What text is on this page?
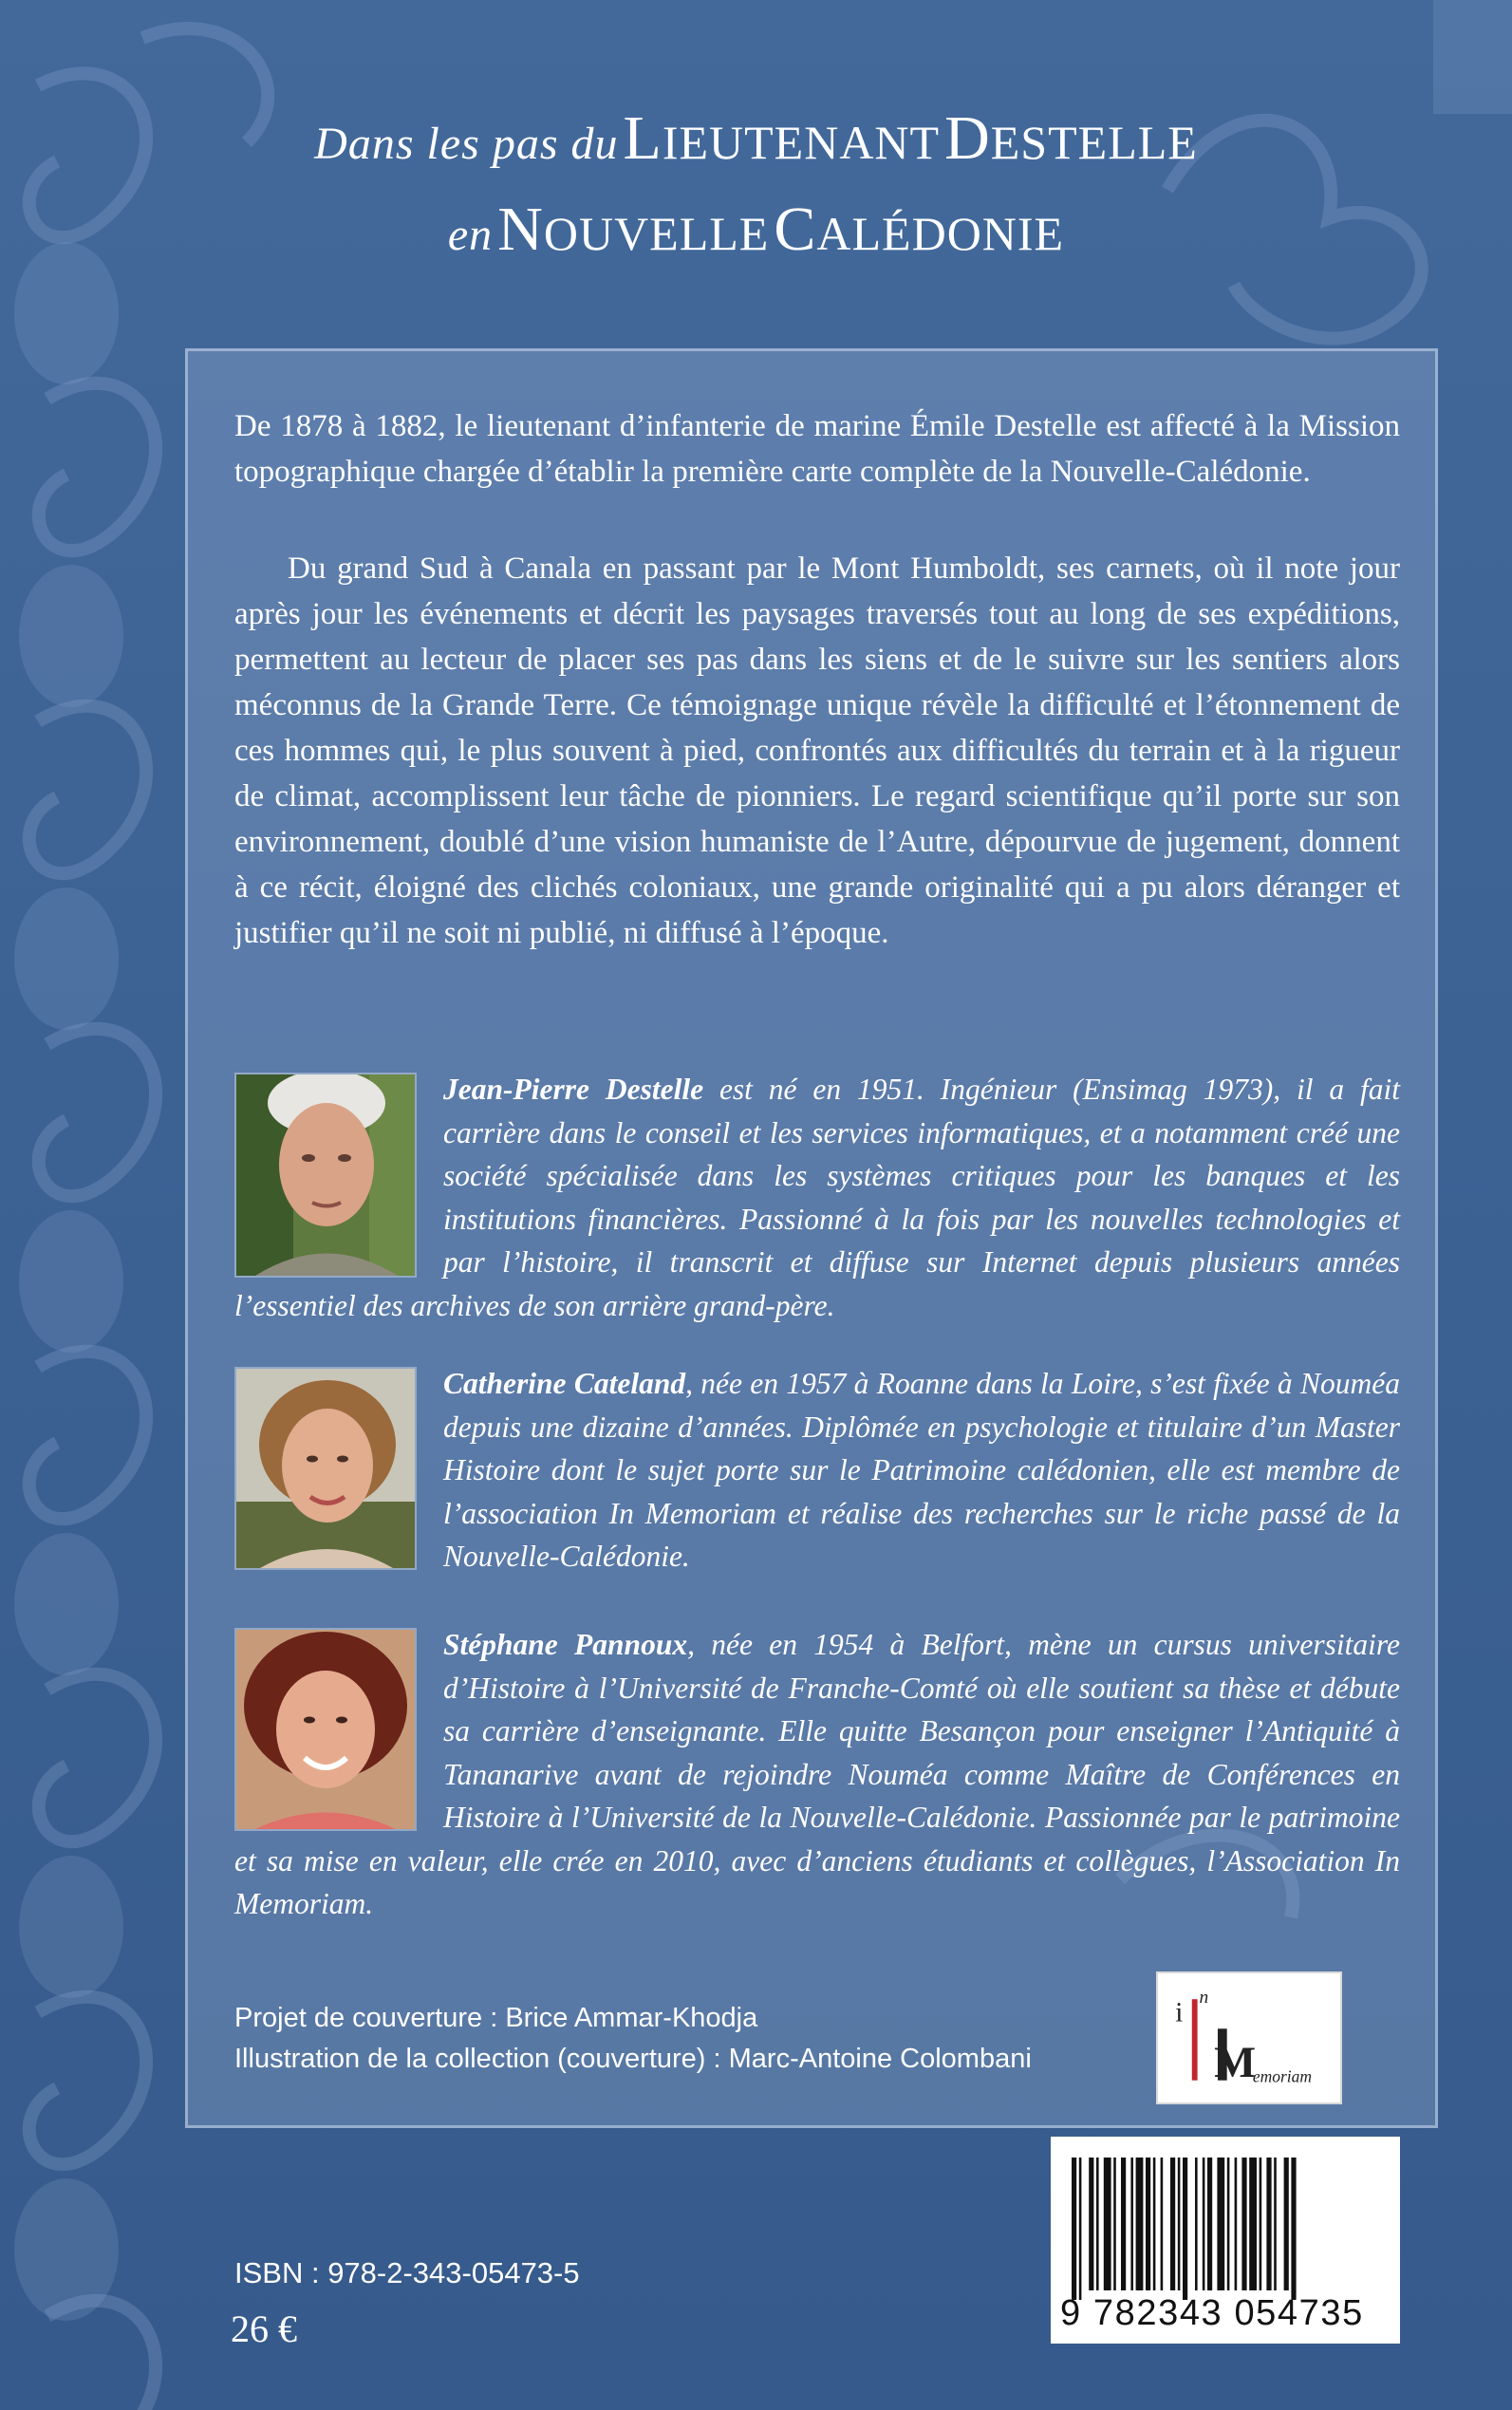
Dans les pas du LIEUTENANT DESTELLE
en NOUVELLE CALÉDONIE

De 1878 à 1882, le lieutenant d’infanterie de marine Émile Destelle est affecté à la Mission topographique chargée d’établir la première carte complète de la Nouvelle-Calédonie.

Du grand Sud à Canala en passant par le Mont Humboldt, ses carnets, où il note jour après jour les événements et décrit les paysages traversés tout au long de ses expéditions, permettent au lecteur de placer ses pas dans les siens et de le suivre sur les sentiers alors méconnus de la Grande Terre. Ce témoignage unique révèle la difficulté et l’étonnement de ces hommes qui, le plus souvent à pied, confrontés aux difficultés du terrain et à la rigueur de climat, accomplissent leur tâche de pionniers. Le regard scientifique qu’il porte sur son environnement, doublé d’une vision humaniste de l’Autre, dépourvue de jugement, donnent à ce récit, éloigné des clichés coloniaux, une grande originalité qui a pu alors déranger et justifier qu’il ne soit ni publié, ni diffusé à l’époque.

Jean-Pierre Destelle est né en 1951. Ingénieur (Ensimag 1973), il a fait carrière dans le conseil et les services informatiques, et a notamment créé une société spécialisée dans les systèmes critiques pour les banques et les institutions financières. Passionné à la fois par les nouvelles technologies et par l’histoire, il transcrit et diffuse sur Internet depuis plusieurs années l’essentiel des archives de son arrière grand-père.

Catherine Cateland, née en 1957 à Roanne dans la Loire, s’est fixée à Nouméa depuis une dizaine d’années. Diplômée en psychologie et titulaire d’un Master Histoire dont le sujet porte sur le Patrimoine calédonien, elle est membre de l’association In Memoriam et réalise des recherches sur le riche passé de la Nouvelle-Calédonie.

Stéphane Pannoux, née en 1954 à Belfort, mène un cursus universitaire d’Histoire à l’Université de Franche-Comté où elle soutient sa thèse et débute sa carrière d’enseignante. Elle quitte Besançon pour enseigner l’Antiquité à Tananarive avant de rejoindre Nouméa comme Maître de Conférences en Histoire à l’Université de la Nouvelle-Calédonie. Passionnée par le patrimoine et sa mise en valeur, elle crée en 2010, avec d’anciens étudiants et collègues, l’Association In Memoriam.

Projet de couverture : Brice Ammar-Khodja
Illustration de la collection (couverture) : Marc-Antoine Colombani
i n
M
emoriam
9 782343 054735
ISBN : 978-2-343-05473-5
26 €
